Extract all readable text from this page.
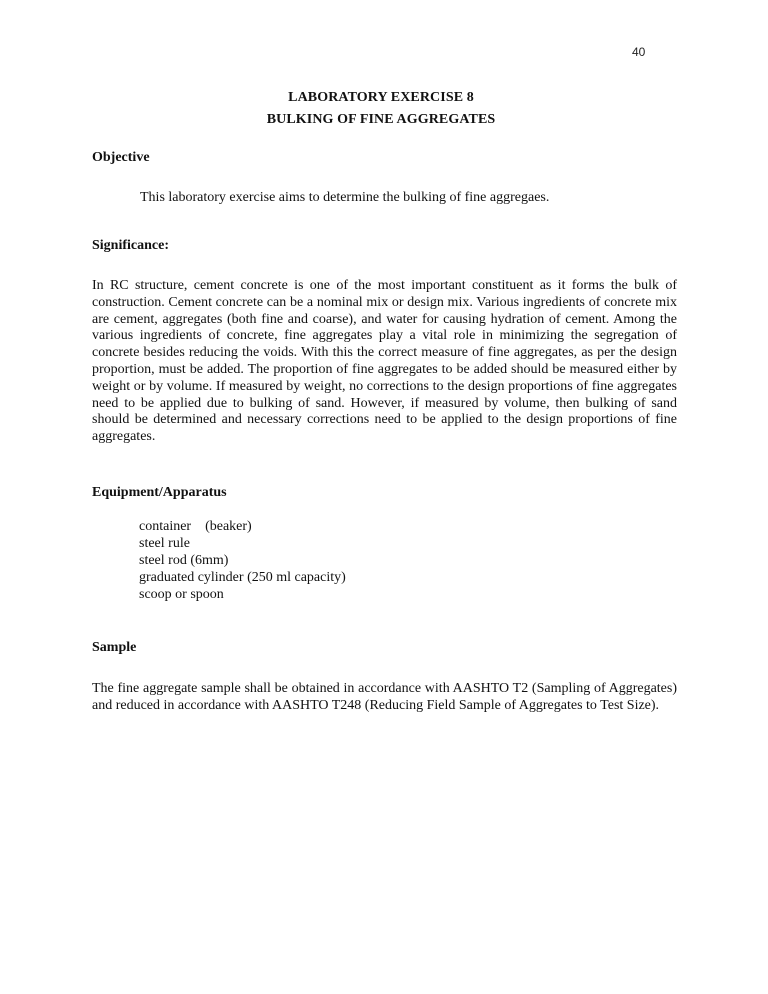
40
LABORATORY EXERCISE 8
BULKING OF FINE AGGREGATES
Objective
This laboratory exercise aims to determine the bulking of fine aggregaes.
Significance:
In RC structure, cement concrete is one of the most important constituent as it forms the bulk of construction. Cement concrete can be a nominal mix or design mix. Various ingredients of concrete mix are cement, aggregates (both fine and coarse), and water for causing hydration of cement. Among the various ingredients of concrete, fine aggregates play a vital role in minimizing the segregation of concrete besides reducing the voids. With this the correct measure of fine aggregates, as per the design proportion, must be added. The proportion of fine aggregates to be added should be measured either by weight or by volume. If measured by weight, no corrections to the design proportions of fine aggregates need to be applied due to bulking of sand. However, if measured by volume, then bulking of sand should be determined and necessary corrections need to be applied to the design proportions of fine aggregates.
Equipment/Apparatus
container    (beaker)
steel rule
steel rod (6mm)
graduated cylinder (250 ml capacity)
scoop or spoon
Sample
The fine aggregate sample shall be obtained in accordance with AASHTO T2 (Sampling of Aggregates) and reduced in accordance with AASHTO T248 (Reducing Field Sample of Aggregates to Test Size).
